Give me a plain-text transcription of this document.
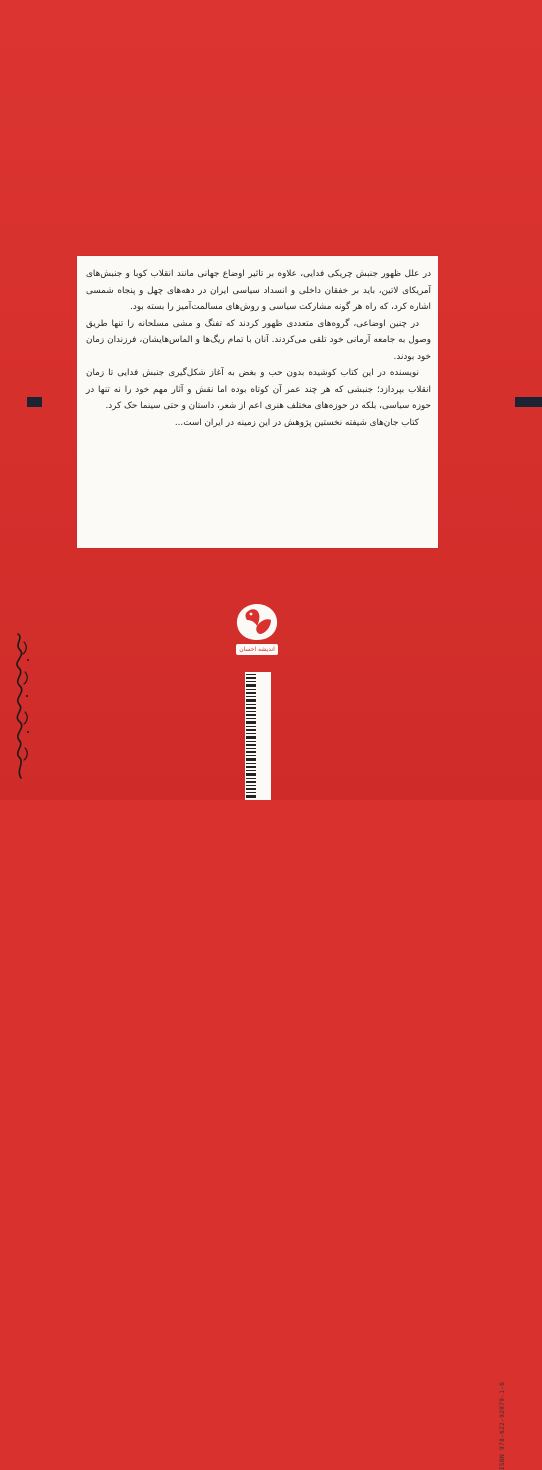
در علل ظهور جنبش چریکی فدایی، علاوه بر تاثیر اوضاع جهانی مانند انقلاب کوبا و جنبش‌های آمریکای لاتین، باید بر خفقان داخلی و انسداد سیاسی ایران در دهه‌های چهل و پنجاه شمسی اشاره کرد، که راه هر گونه مشارکت سیاسی و روش‌های مسالمت‌آمیز را بسته بود.

در چنین اوضاعی، گروه‌های متعددی ظهور کردند که تفنگ و مشی مسلحانه را تنها طریق وصول به جامعه آرمانی خود تلقی می‌کردند. آنان با تمام ریگ‌ها و الماس‌هایشان، فرزندان زمان خود بودند.

نویسنده در این کتاب کوشیده بدون حب و بغض به آغاز شکل‌گیری جنبش فدایی تا زمان انقلاب بپردازد؛ جنبشی که هر چند عمر آن کوتاه بوده اما نقش و آثار مهم خود را نه تنها در حوزه سیاسی، بلکه در حوزه‌های مختلف هنری اعم از شعر، داستان و حتی سینما حک کرد.

کتاب جان‌های شیفته نخستین پژوهش در این زمینه در ایران است...

اندیشه احسان
ISBN 978-622-92079-1-6
